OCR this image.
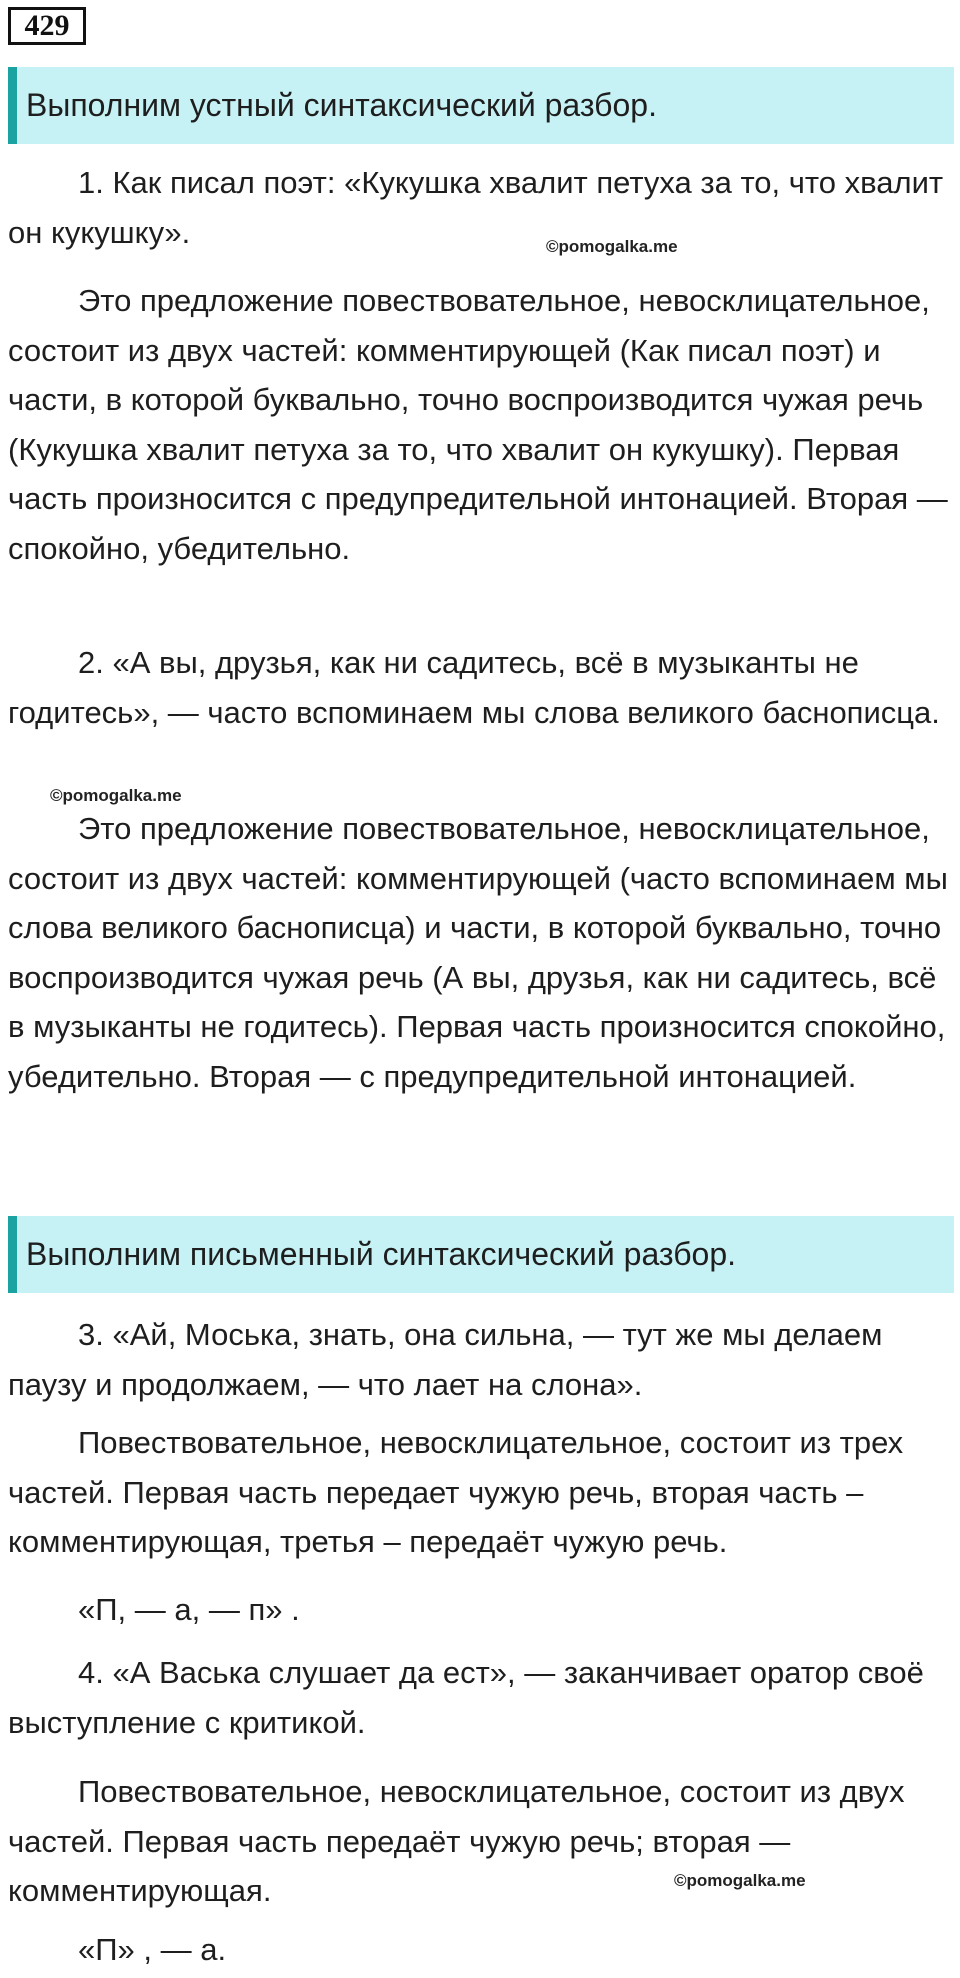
429
Выполним устный синтаксический разбор.

1. Как писал поэт: «Кукушка хвалит петуха за то, что хвалит он кукушку».	©pomogalka.me

Это предложение повествовательное, невосклицательное, состоит из двух частей: комментирующей (Как писал поэт) и части, в которой буквально, точно воспроизводится чужая речь (Кукушка хвалит петуха за то, что хвалит он кукушку). Первая часть произносится с предупредительной интонацией. Вторая — спокойно, убедительно.

2. «А вы, друзья, как ни садитесь, всё в музыканты не годитесь», — часто вспоминаем мы слова великого баснописца.

©pomogalka.me

Это предложение повествовательное, невосклицательное, состоит из двух частей: комментирующей (часто вспоминаем мы слова великого баснописца) и части, в которой буквально, точно воспроизводится чужая речь (А вы, друзья, как ни садитесь, всё в музыканты не годитесь). Первая часть произносится спокойно, убедительно. Вторая — с предупредительной интонацией.

Выполним письменный синтаксический разбор.

3. «Ай, Моська, знать, она сильна, — тут же мы делаем паузу и продолжаем, — что лает на слона».

Повествовательное, невосклицательное, состоит из трех частей. Первая часть передает чужую речь, вторая часть – комментирующая, третья – передаёт чужую речь.

«П, — а, — п» .

4. «А Васька слушает да ест», — заканчивает оратор своё выступление с критикой.

Повествовательное, невосклицательное, состоит из двух частей. Первая часть передаёт чужую речь; вторая — комментирующая.	©pomogalka.me

«П» , — а.
